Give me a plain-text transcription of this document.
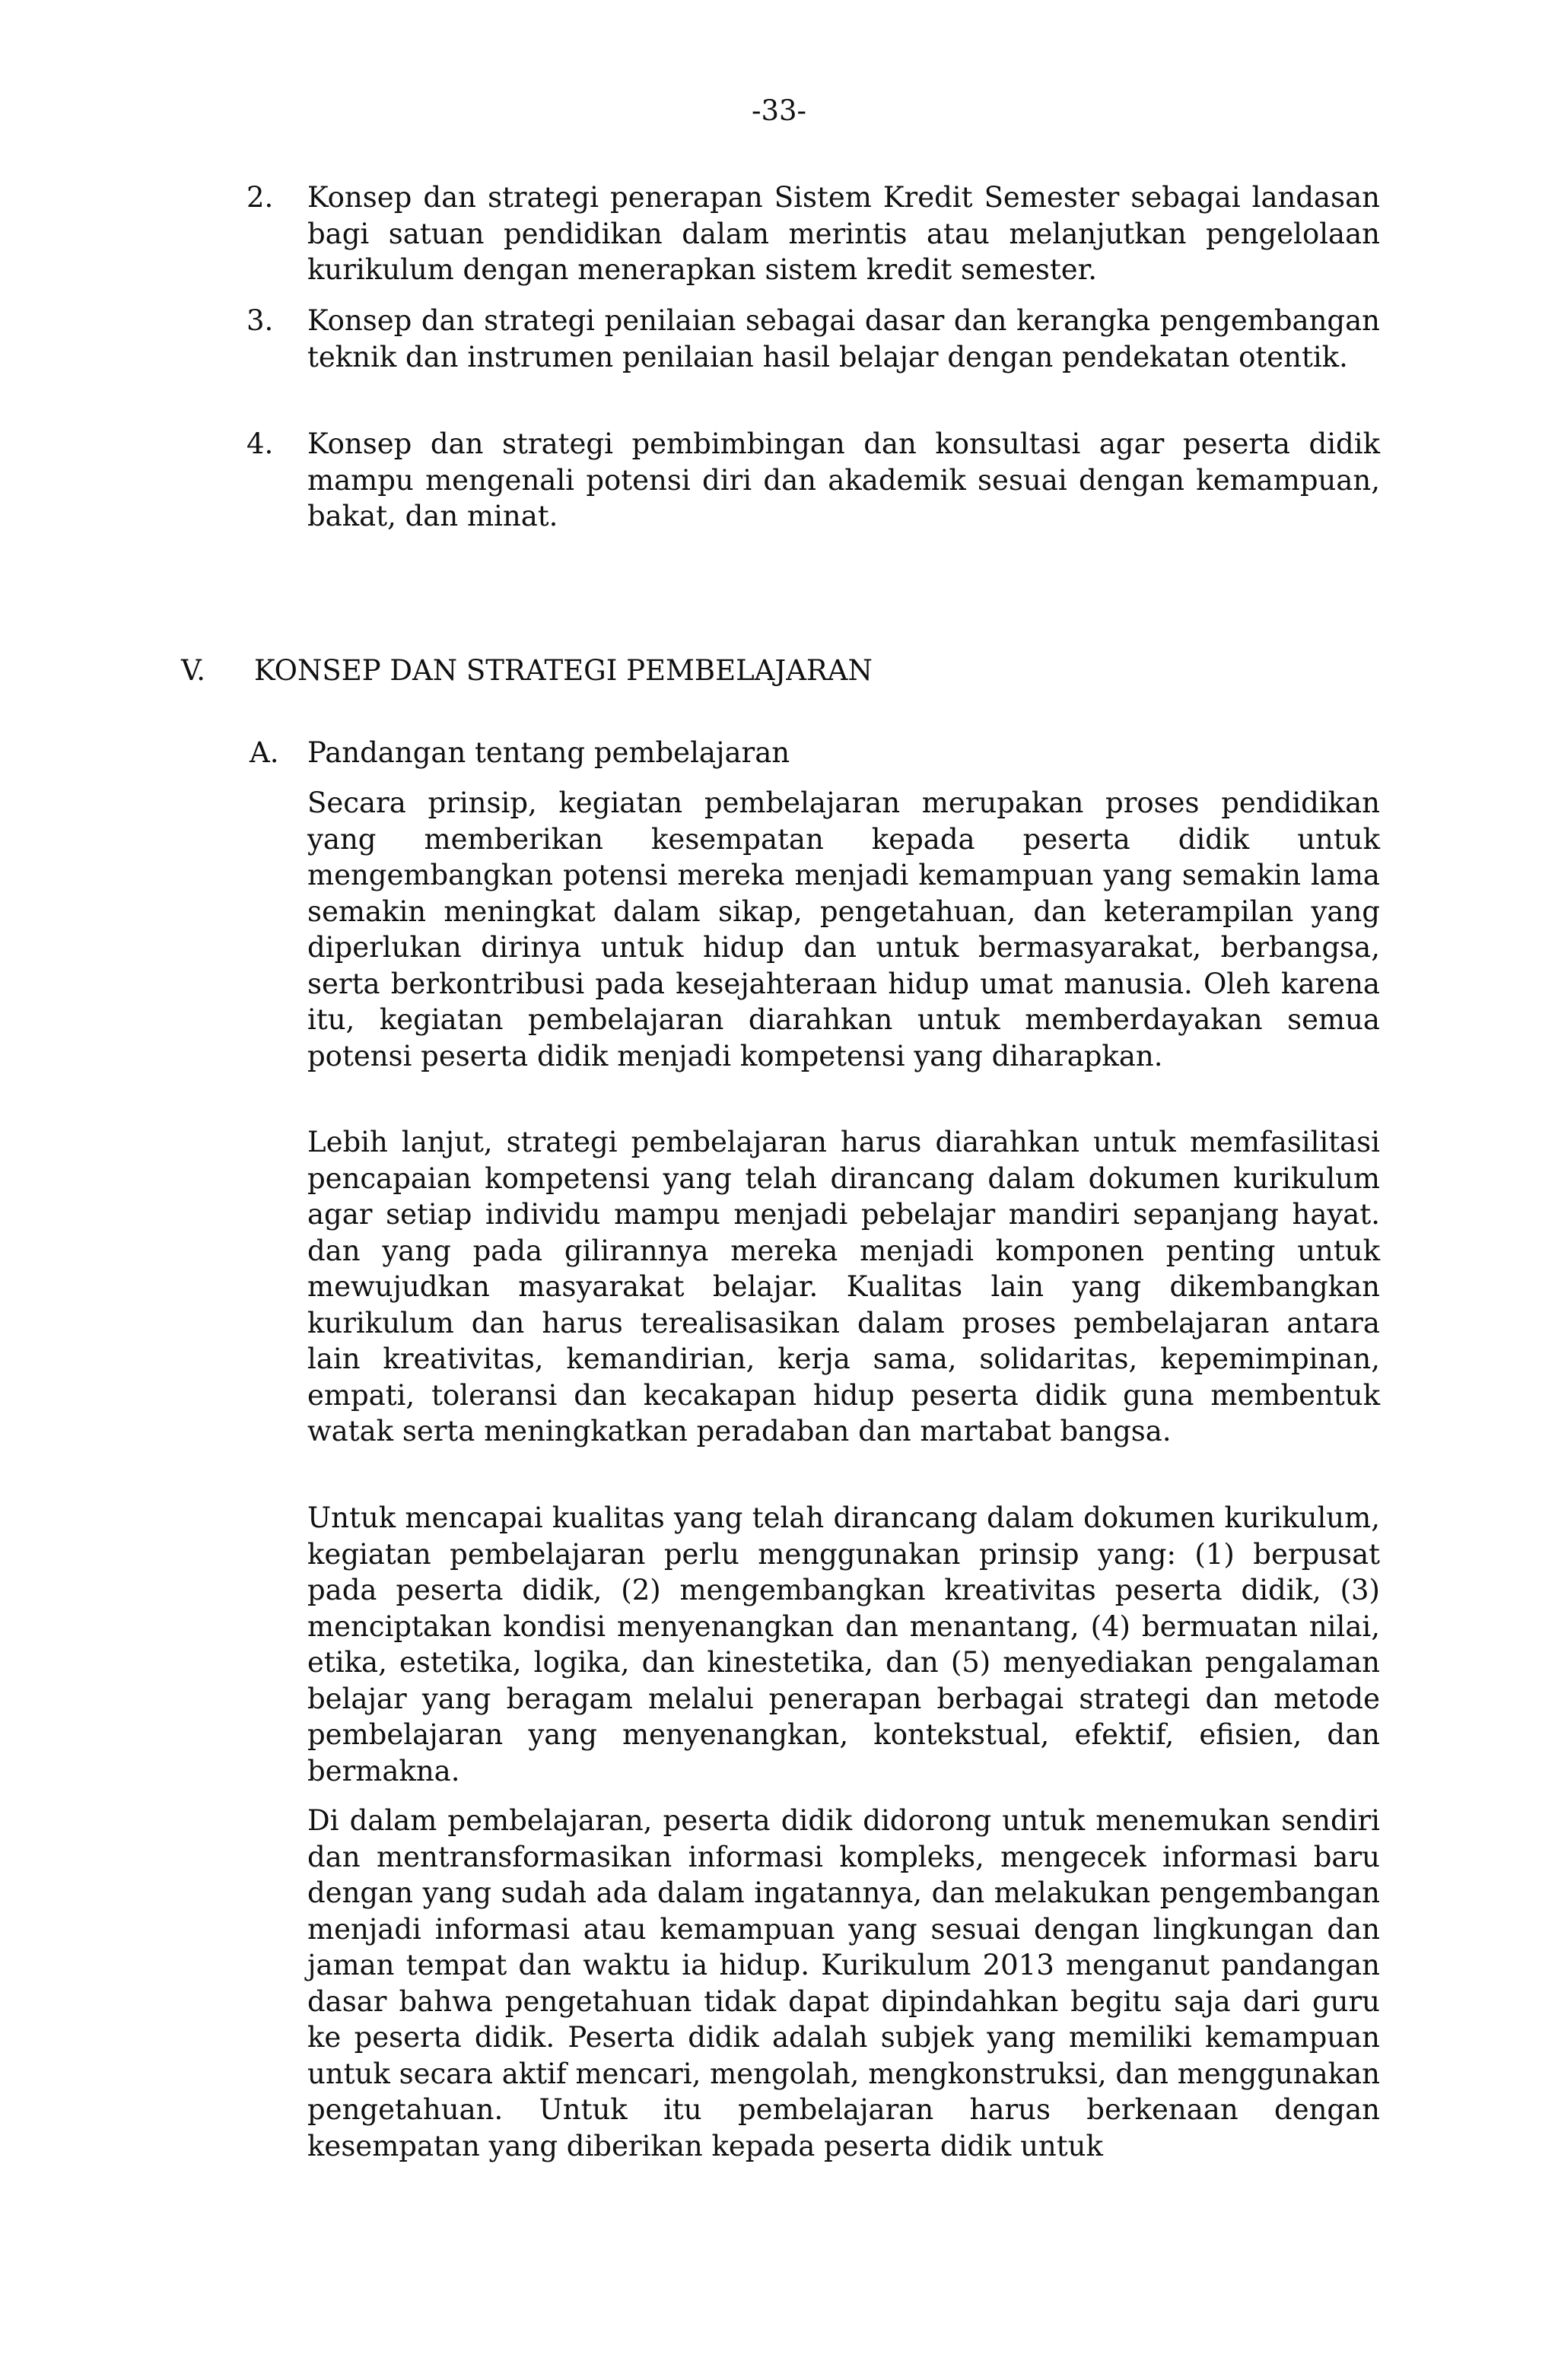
-33-
2.	Konsep dan strategi penerapan Sistem Kredit Semester sebagai landasan bagi satuan pendidikan dalam merintis atau melanjutkan pengelolaan kurikulum dengan menerapkan sistem kredit semester.
3.	Konsep dan strategi penilaian sebagai dasar dan kerangka pengembangan teknik dan instrumen penilaian hasil belajar dengan pendekatan otentik.
4.	Konsep dan strategi pembimbingan dan konsultasi agar peserta didik mampu mengenali potensi diri dan akademik sesuai dengan kemampuan, bakat, dan minat.
V. KONSEP DAN STRATEGI PEMBELAJARAN
A. Pandangan tentang pembelajaran

Secara prinsip, kegiatan pembelajaran merupakan proses pendidikan yang memberikan kesempatan kepada peserta didik untuk mengembangkan potensi mereka menjadi kemampuan yang semakin lama semakin meningkat dalam sikap, pengetahuan, dan keterampilan yang diperlukan dirinya untuk hidup dan untuk bermasyarakat, berbangsa, serta berkontribusi pada kesejahteraan hidup umat manusia. Oleh karena itu, kegiatan pembelajaran diarahkan untuk memberdayakan semua potensi peserta didik menjadi kompetensi yang diharapkan.

Lebih lanjut, strategi pembelajaran harus diarahkan untuk memfasilitasi pencapaian kompetensi yang telah dirancang dalam dokumen kurikulum agar setiap individu mampu menjadi pebelajar mandiri sepanjang hayat. dan yang pada gilirannya mereka menjadi komponen penting untuk mewujudkan masyarakat belajar. Kualitas lain yang dikembangkan kurikulum dan harus terealisasikan dalam proses pembelajaran antara lain kreativitas, kemandirian, kerja sama, solidaritas, kepemimpinan, empati, toleransi dan kecakapan hidup peserta didik guna membentuk watak serta meningkatkan peradaban dan martabat bangsa.

Untuk mencapai kualitas yang telah dirancang dalam dokumen kurikulum, kegiatan pembelajaran perlu menggunakan prinsip yang: (1) berpusat pada peserta didik, (2) mengembangkan kreativitas peserta didik, (3) menciptakan kondisi menyenangkan dan menantang, (4) bermuatan nilai, etika, estetika, logika, dan kinestetika, dan (5) menyediakan pengalaman belajar yang beragam melalui penerapan berbagai strategi dan metode pembelajaran yang menyenangkan, kontekstual, efektif, efisien, dan bermakna.

Di dalam pembelajaran, peserta didik didorong untuk menemukan sendiri dan mentransformasikan informasi kompleks, mengecek informasi baru dengan yang sudah ada dalam ingatannya, dan melakukan pengembangan menjadi informasi atau kemampuan yang sesuai dengan lingkungan dan jaman tempat dan waktu ia hidup. Kurikulum 2013 menganut pandangan dasar bahwa pengetahuan tidak dapat dipindahkan begitu saja dari guru ke peserta didik. Peserta didik adalah subjek yang memiliki kemampuan untuk secara aktif mencari, mengolah, mengkonstruksi, dan menggunakan pengetahuan. Untuk itu pembelajaran harus berkenaan dengan kesempatan yang diberikan kepada peserta didik untuk
